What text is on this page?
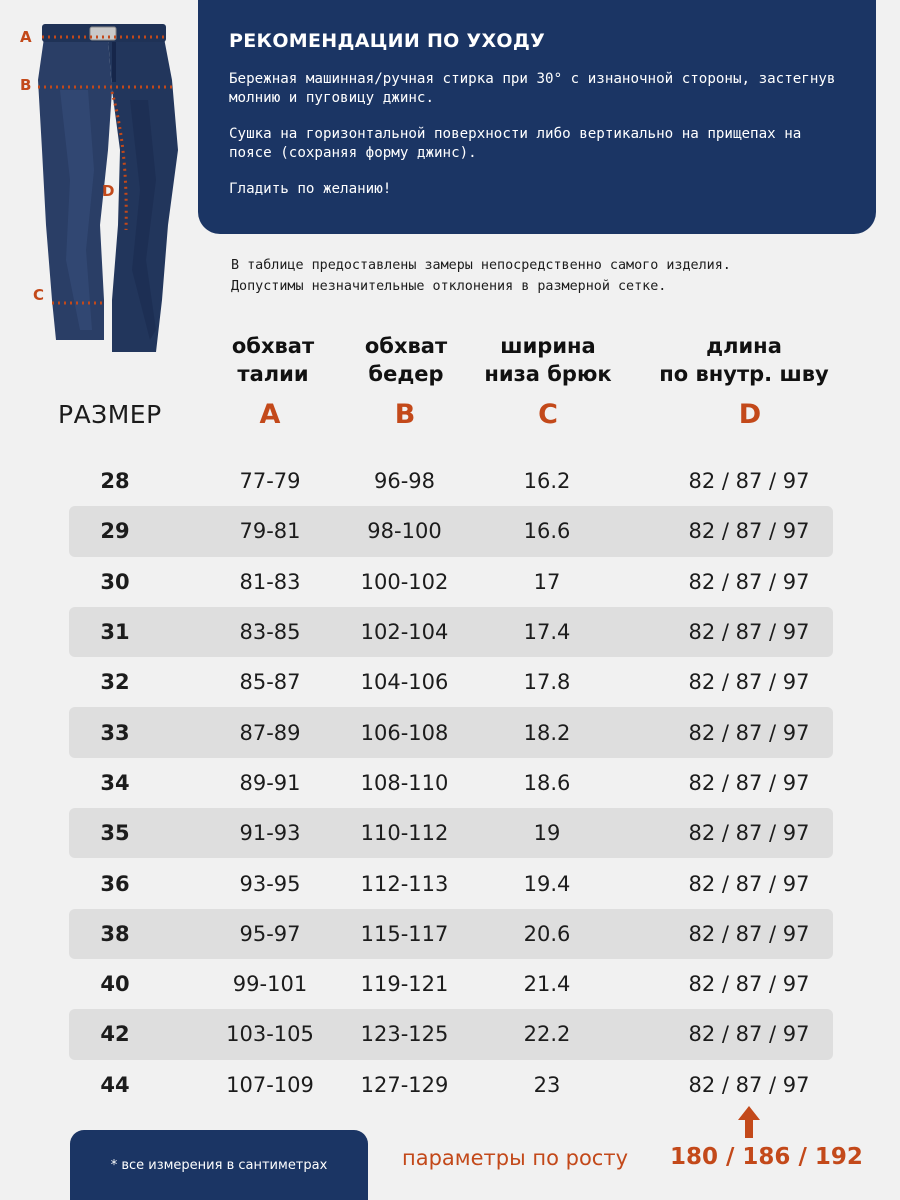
A
B
D
C
РЕКОМЕНДАЦИИ ПО УХОДУ

Бережная машинная/ручная стирка при 30° с изнаночной стороны, застегнув молнию и пуговицу джинс.

Сушка на горизонтальной поверхности либо вертикально на прищепах на поясе (сохраняя форму джинс).

Гладить по желанию!

В таблице предоставлены замеры непосредственно самого изделия.
Допустимы незначительные отклонения в размерной сетке.
обхват
талии
обхват
бедер
ширина
низа брюк
длина
по внутр. шву
РАЗМЕР	A	B	C	D
28	77-79	96-98	16.2	82 / 87 / 97
29	79-81	98-100	16.6	82 / 87 / 97
30	81-83	100-102	17	82 / 87 / 97
31	83-85	102-104	17.4	82 / 87 / 97
32	85-87	104-106	17.8	82 / 87 / 97
33	87-89	106-108	18.2	82 / 87 / 97
34	89-91	108-110	18.6	82 / 87 / 97
35	91-93	110-112	19	82 / 87 / 97
36	93-95	112-113	19.4	82 / 87 / 97
38	95-97	115-117	20.6	82 / 87 / 97
40	99-101	119-121	21.4	82 / 87 / 97
42	103-105	123-125	22.2	82 / 87 / 97
44	107-109	127-129	23	82 / 87 / 97
* все измерения в сантиметрах	параметры по росту 180 / 186 / 192
